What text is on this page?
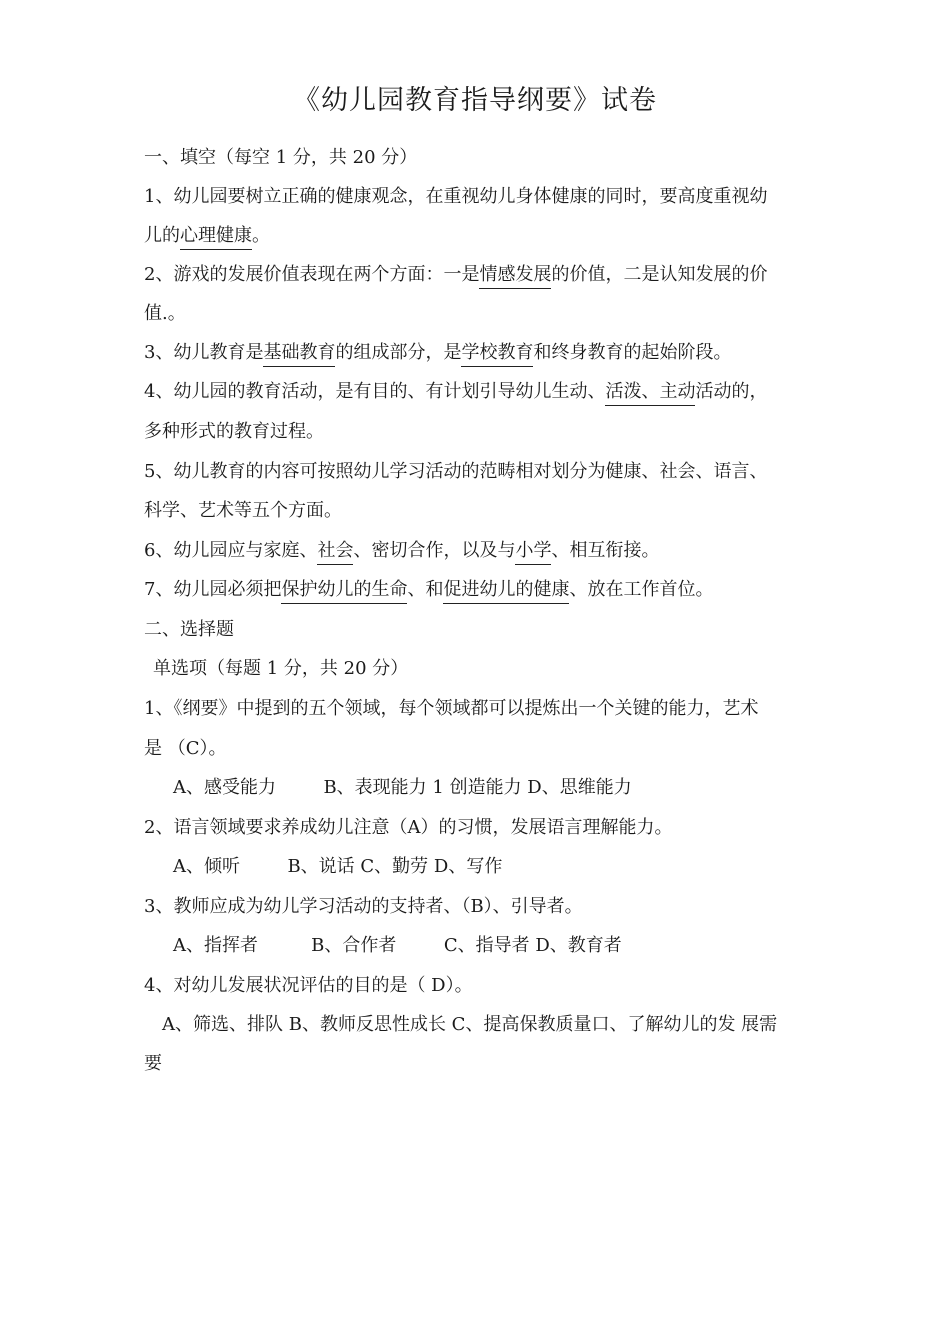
《幼儿园教育指导纲要》试卷
一、填空（每空 1 分，共 20 分）
1、幼儿园要树立正确的健康观念，在重视幼儿身体健康的同时，要高度重视幼
儿的心理健康。
2、游戏的发展价值表现在两个方面：一是情感发展的价值，二是认知发展的价
值.。
3、幼儿教育是基础教育的组成部分，是学校教育和终身教育的起始阶段。
4、幼儿园的教育活动，是有目的、有计划引导幼儿生动、活泼、主动活动的，
多种形式的教育过程。
5、幼儿教育的内容可按照幼儿学习活动的范畴相对划分为健康、社会、语言、
科学、艺术等五个方面。
6、幼儿园应与家庭、社会、密切合作，以及与小学、相互衔接。
7、幼儿园必须把保护幼儿的生命、和促进幼儿的健康、放在工作首位。
二、选择题
单选项（每题 1 分，共 20 分）
1、《纲要》中提到的五个领域，每个领域都可以提炼出一个关键的能力，艺术
是 （C）。
A、感受能力 　 　B、表现能力 1 创造能力 D、思维能力
2、语言领域要求养成幼儿注意（A）的习惯，发展语言理解能力。
A、倾听 　 　B、说话 C、勤劳 D、写作
3、教师应成为幼儿学习活动的支持者、（B）、引导者。
A、指挥者 　 　 B、合作者 　 　C、指导者 D、教育者
4、对幼儿发展状况评估的目的是（ D）。
A、筛选、排队 B、教师反思性成长 C、提高保教质量口、了解幼儿的发 展需
要
